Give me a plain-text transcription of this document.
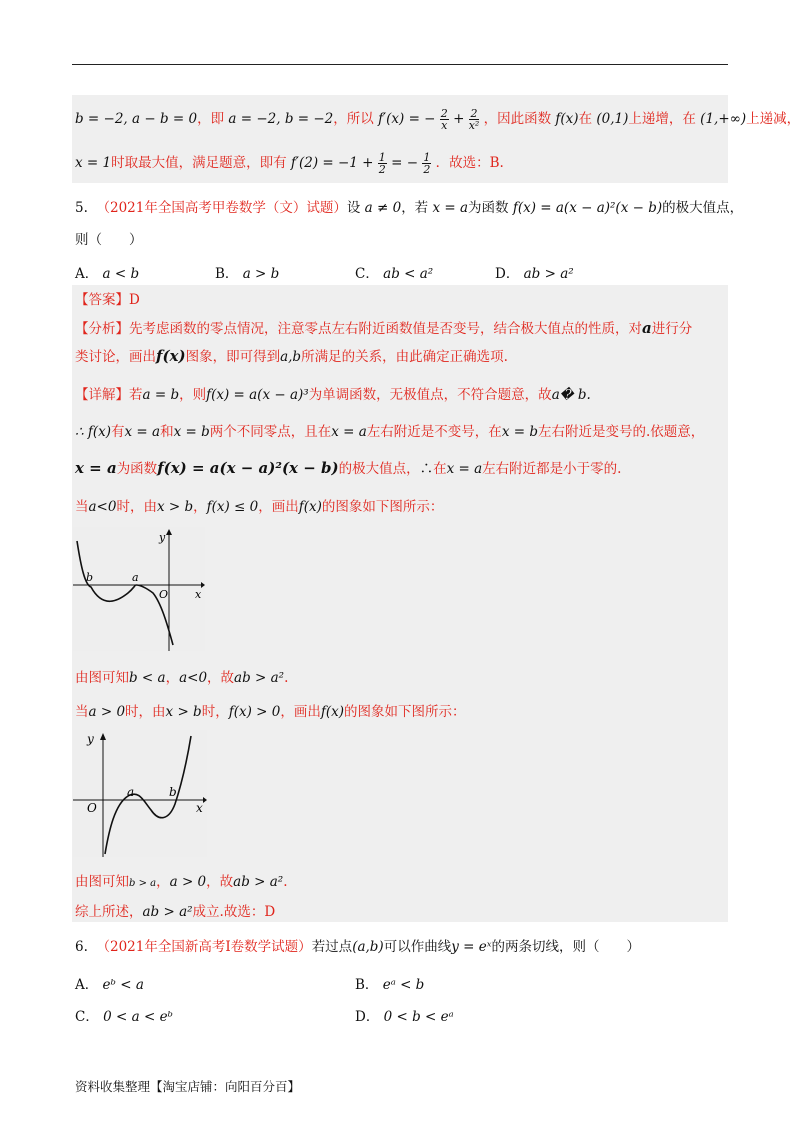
b = −2, a − b = 0，即 a = −2, b = −2，所以 f′(x) = − $\frac{2}{x} + \frac{2}{\text{x²}}$ ，因此函数 f(x)在 (0,1)上递增，在 (1,+∞)上递减，
x = 1时取最大值，满足题意，即有 $f'(2) = -1 + \frac{1}{2}$ = − $\frac{1}{2}$ ．故选：B.
5. （2021年全国高考甲卷数学（文）试题）设 a ≠ 0，若 x = a为函数 f(x) = a(x − a)²(x − b)的极大值点，
则（　　）
A． a < b	B． a > b	C． ab < a²	D． ab > a²
【答案】D
【分析】先考虑函数的零点情况，注意零点左右附近函数值是否变号，结合极大值点的性质，对a进行分
类讨论，画出f(x)图象，即可得到a,b所满足的关系，由此确定正确选项.
【详解】若a = b，则f(x) = a(x − a)³为单调函数，无极值点，不符合题意，故a� b.
∴ f(x)有x = a和x = b两个不同零点，且在x = a左右附近是不变号，在x = b左右附近是变号的.依题意，
x = a为函数f(x) = a(x − a)²(x − b)的极大值点，∴在x = a左右附近都是小于零的.
当a<0时，由x > b，f(x) ≤ 0，画出f(x)的图象如下图所示：
y
b	a
O x
由图可知b < a，a<0，故ab > a².
当a > 0时，由x > b时，f(x) > 0，画出f(x)的图象如下图所示：
y
a	b
O	x
由图可知b > a，a > 0，故ab > a².
综上所述，ab > a²成立.故选：D
6. （2021年全国新高考Ⅰ卷数学试题）若过点(a,b)可以作曲线y = eˣ的两条切线，则（　　）
A． eᵇ < a	B． eᵃ < b
C． 0 < a < eᵇ	D． 0 < b < eᵃ
资料收集整理【淘宝店铺：向阳百分百】
